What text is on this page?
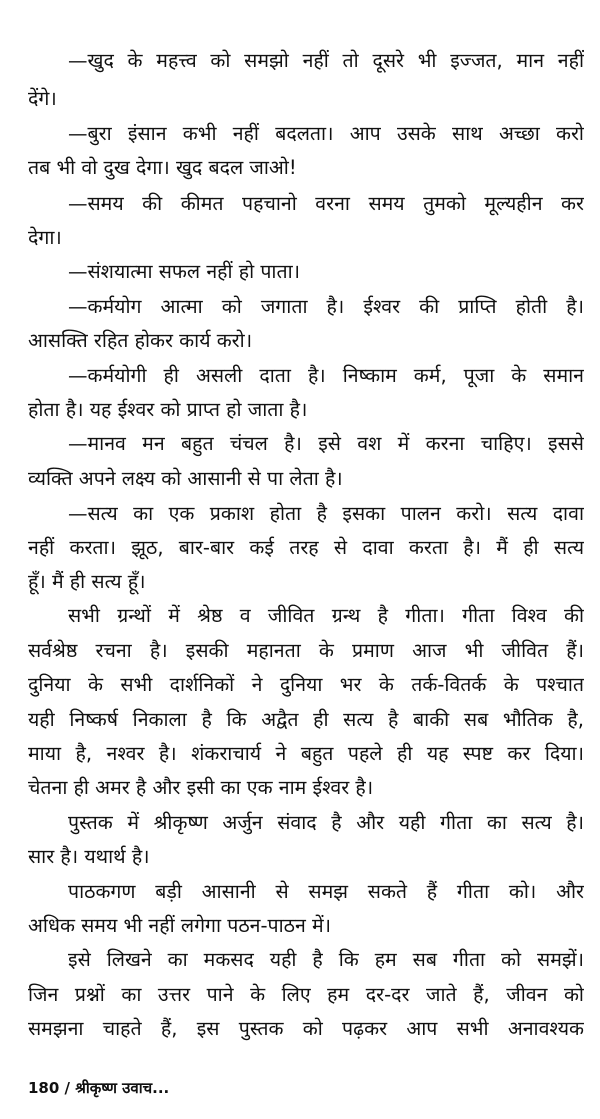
—खुद के महत्त्व को समझो नहीं तो दूसरे भी इज्जत, मान नहीं
देंगे।
—बुरा इंसान कभी नहीं बदलता। आप उसके साथ अच्छा करो
तब भी वो दुख देगा। खुद बदल जाओ!
—समय की कीमत पहचानो वरना समय तुमको मूल्यहीन कर
देगा।
—संशयात्मा सफल नहीं हो पाता।
—कर्मयोग आत्मा को जगाता है। ईश्वर की प्राप्ति होती है।
आसक्ति रहित होकर कार्य करो।
—कर्मयोगी ही असली दाता है। निष्काम कर्म, पूजा के समान
होता है। यह ईश्वर को प्राप्त हो जाता है।
—मानव मन बहुत चंचल है। इसे वश में करना चाहिए। इससे
व्यक्ति अपने लक्ष्य को आसानी से पा लेता है।
—सत्य का एक प्रकाश होता है इसका पालन करो। सत्य दावा
नहीं करता। झूठ, बार-बार कई तरह से दावा करता है। मैं ही सत्य
हूँ। मैं ही सत्य हूँ।
सभी ग्रन्थों में श्रेष्ठ व जीवित ग्रन्थ है गीता। गीता विश्व की
सर्वश्रेष्ठ रचना है। इसकी महानता के प्रमाण आज भी जीवित हैं।
दुनिया के सभी दार्शनिकों ने दुनिया भर के तर्क-वितर्क के पश्चात
यही निष्कर्ष निकाला है कि अद्वैत ही सत्य है बाकी सब भौतिक है,
माया है, नश्वर है। शंकराचार्य ने बहुत पहले ही यह स्पष्ट कर दिया।
चेतना ही अमर है और इसी का एक नाम ईश्वर है।
पुस्तक में श्रीकृष्ण अर्जुन संवाद है और यही गीता का सत्य है।
सार है। यथार्थ है।
पाठकगण बड़ी आसानी से समझ सकते हैं गीता को। और
अधिक समय भी नहीं लगेगा पठन-पाठन में।
इसे लिखने का मकसद यही है कि हम सब गीता को समझें।
जिन प्रश्नों का उत्तर पाने के लिए हम दर-दर जाते हैं, जीवन को
समझना चाहते हैं, इस पुस्तक को पढ़कर आप सभी अनावश्यक
180 / श्रीकृष्ण उवाच...
